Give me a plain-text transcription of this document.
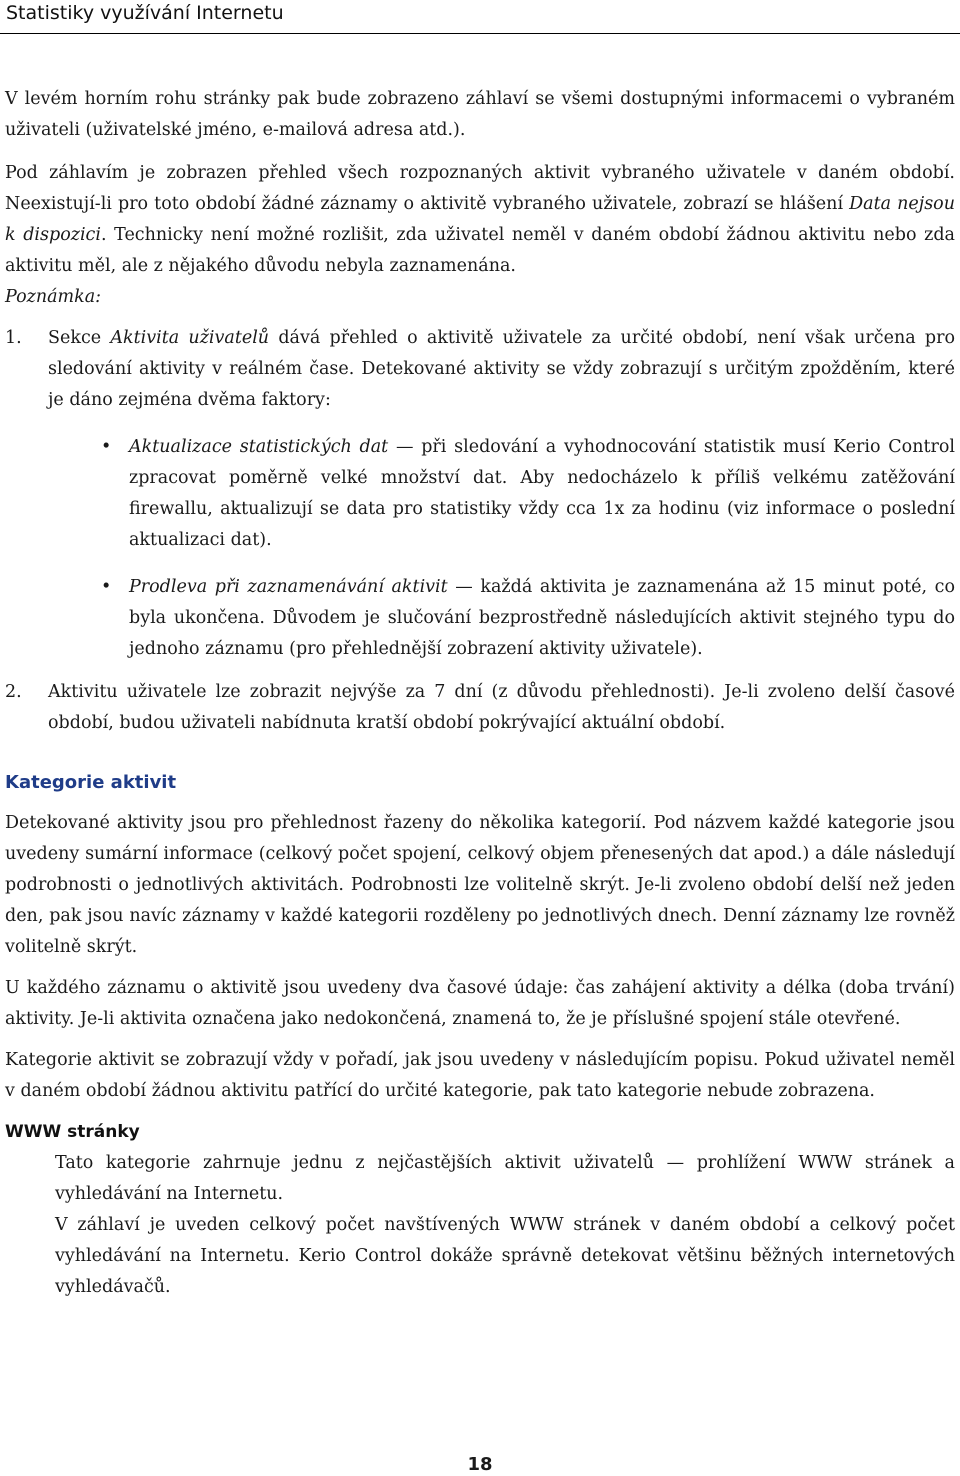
Statistiky využívání Internetu

V levém horním rohu stránky pak bude zobrazeno záhlaví se všemi dostupnými informacemi o vybraném uživateli (uživatelské jméno, e-mailová adresa atd.).

Pod záhlavím je zobrazen přehled všech rozpoznaných aktivit vybraného uživatele v daném období. Neexistují-li pro toto období žádné záznamy o aktivitě vybraného uživatele, zobrazí se hlášení Data nejsou k dispozici. Technicky není možné rozlišit, zda uživatel neměl v daném období žádnou aktivitu nebo zda aktivitu měl, ale z nějakého důvodu nebyla zaznamenána.

Poznámka:

1. Sekce Aktivita uživatelů dává přehled o aktivitě uživatele za určité období, není však určena pro sledování aktivity v reálném čase. Detekované aktivity se vždy zobrazují s určitým zpožděním, které je dáno zejména dvěma faktory:
• Aktualizace statistických dat — při sledování a vyhodnocování statistik musí Kerio Control zpracovat poměrně velké množství dat. Aby nedocházelo k příliš velkému zatěžování firewallu, aktualizují se data pro statistiky vždy cca 1x za hodinu (viz informace o poslední aktualizaci dat).
• Prodleva při zaznamenávání aktivit — každá aktivita je zaznamenána až 15 minut poté, co byla ukončena. Důvodem je slučování bezprostředně následujících aktivit stejného typu do jednoho záznamu (pro přehlednější zobrazení aktivity uživatele).
2. Aktivitu uživatele lze zobrazit nejvýše za 7 dní (z důvodu přehlednosti). Je-li zvoleno delší časové období, budou uživateli nabídnuta kratší období pokrývající aktuální období.
Kategorie aktivit

Detekované aktivity jsou pro přehlednost řazeny do několika kategorií. Pod názvem každé kategorie jsou uvedeny sumární informace (celkový počet spojení, celkový objem přenesených dat apod.) a dále následují podrobnosti o jednotlivých aktivitách. Podrobnosti lze volitelně skrýt. Je-li zvoleno období delší než jeden den, pak jsou navíc záznamy v každé kategorii rozděleny po jednotlivých dnech. Denní záznamy lze rovněž volitelně skrýt.

U každého záznamu o aktivitě jsou uvedeny dva časové údaje: čas zahájení aktivity a délka (doba trvání) aktivity. Je-li aktivita označena jako nedokončená, znamená to, že je příslušné spojení stále otevřené.

Kategorie aktivit se zobrazují vždy v pořadí, jak jsou uvedeny v následujícím popisu. Pokud uživatel neměl v daném období žádnou aktivitu patřící do určité kategorie, pak tato kategorie nebude zobrazena.

WWW stránky

Tato kategorie zahrnuje jednu z nejčastějších aktivit uživatelů — prohlížení WWW stránek a vyhledávání na Internetu.

V záhlaví je uveden celkový počet navštívených WWW stránek v daném období a celkový počet vyhledávání na Internetu. Kerio Control dokáže správně detekovat většinu běžných internetových vyhledávačů.

18
